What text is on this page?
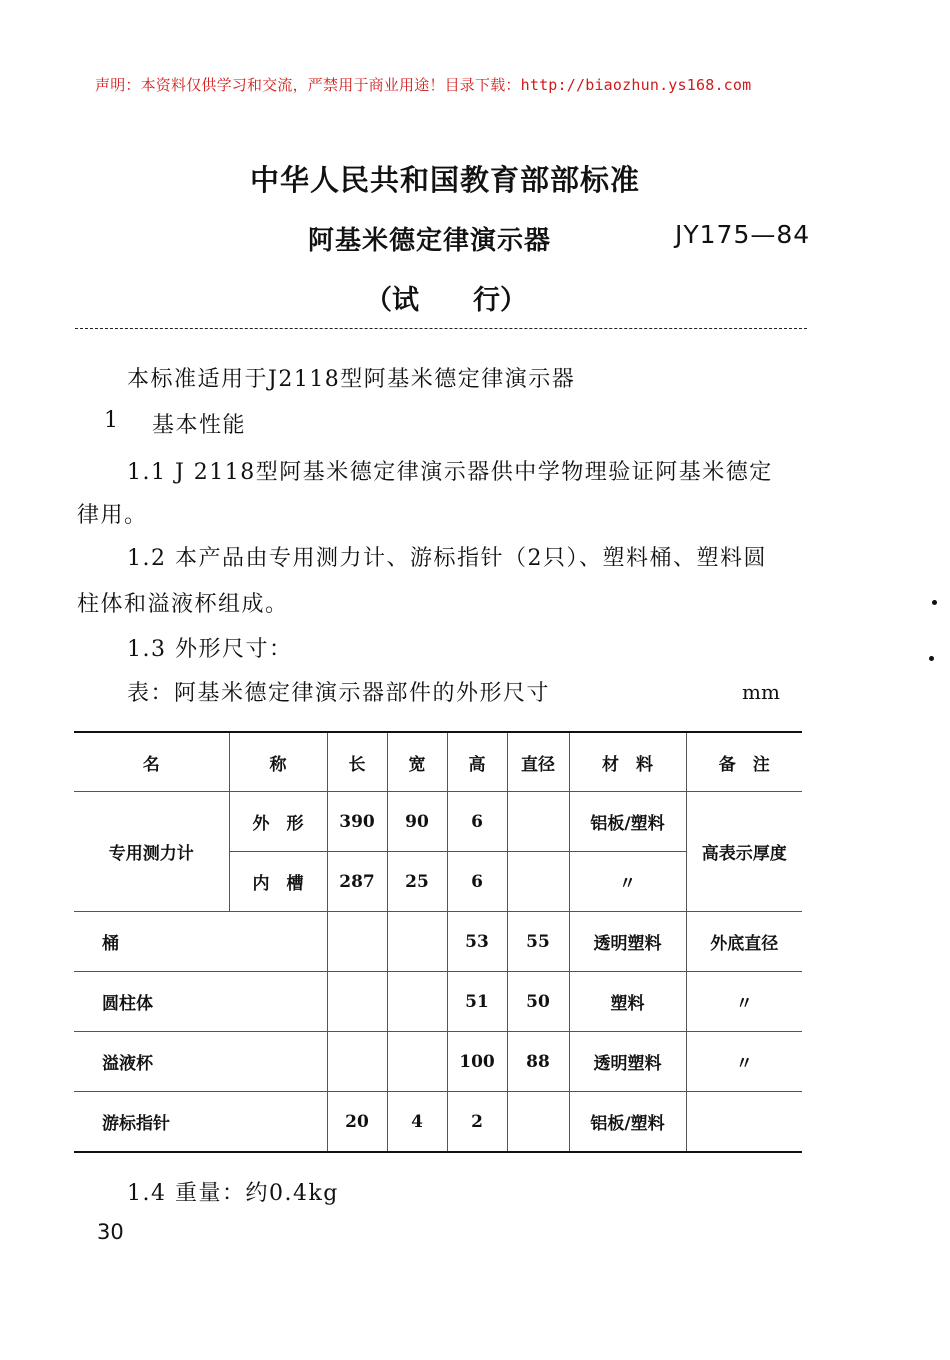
声明：本资料仅供学习和交流，严禁用于商业用途！目录下载：http://biaozhun.ys168.com
中华人民共和国教育部部标准
阿基米德定律演示器	JY175—84
（试　　行）
本标准适用于J2118型阿基米德定律演示器
1 基本性能
1.1 J 2118型阿基米德定律演示器供中学物理验证阿基米德定
律用。
1.2 本产品由专用测力计、游标指针（2只）、塑料桶、塑料圆
柱体和溢液杯组成。
1.3 外形尺寸：
表：阿基米德定律演示器部件的外形尺寸	mm
名	称	长	宽	高	直径	材　料	备　注
专用测力计	外　形	390	90	6		铝板/塑料	高表示厚度
	内　槽	287	25	6		〃	
桶				53	55	透明塑料	外底直径
圆柱体				51	50	塑料	〃
溢液杯				100	88	透明塑料	〃
游标指针		20	4	2		铝板/塑料	
1.4 重量：约0.4kg
30
